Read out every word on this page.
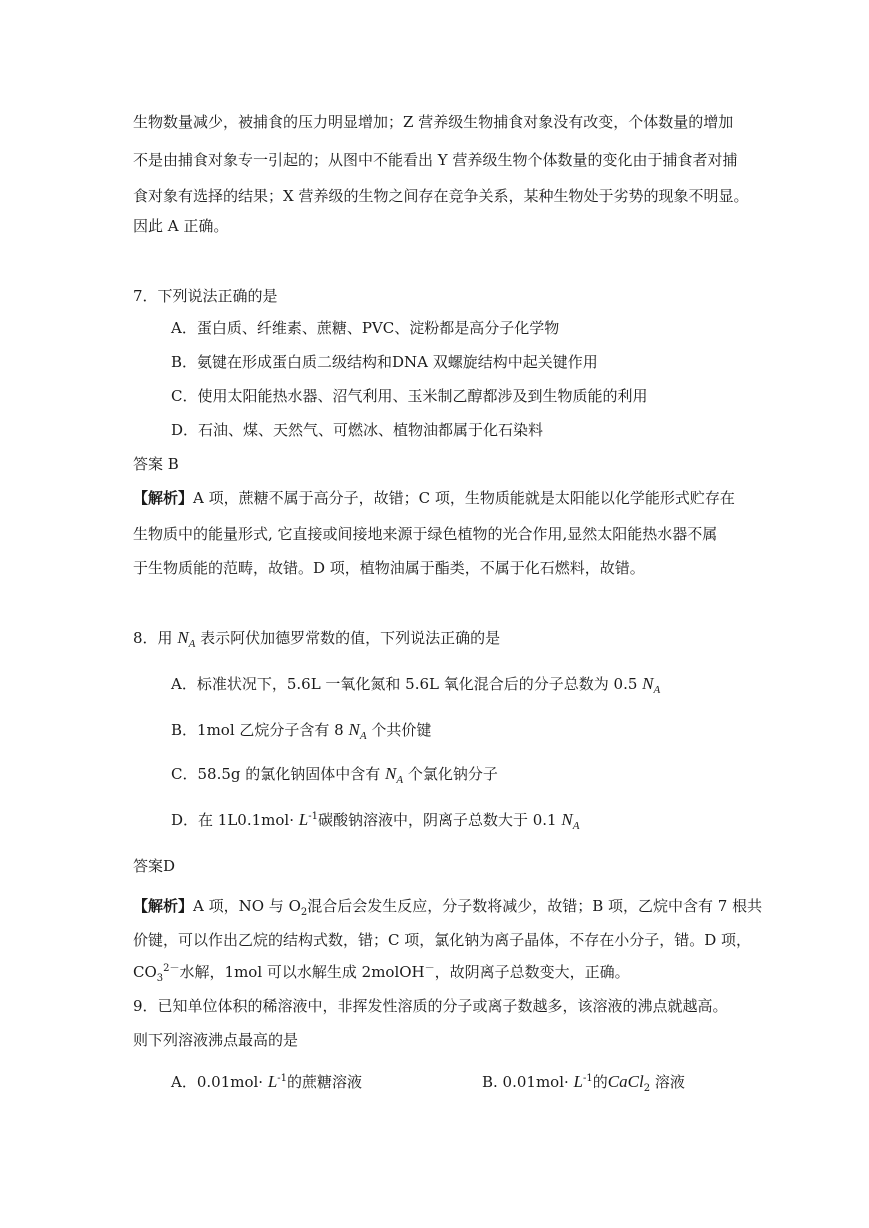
生物数量减少，被捕食的压力明显增加；Z 营养级生物捕食对象没有改变，个体数量的增加
不是由捕食对象专一引起的；从图中不能看出 Y 营养级生物个体数量的变化由于捕食者对捕
食对象有选择的结果；X 营养级的生物之间存在竞争关系，某种生物处于劣势的现象不明显。
因此 A 正确。
7．下列说法正确的是
A．蛋白质、纤维素、蔗糖、PVC、淀粉都是高分子化学物
B．氨键在形成蛋白质二级结构和DNA 双螺旋结构中起关键作用
C．使用太阳能热水器、沼气利用、玉米制乙醇都涉及到生物质能的利用
D．石油、煤、天然气、可燃冰、植物油都属于化石染料
答案 B
【解析】A 项，蔗糖不属于高分子，故错；C 项，生物质能就是太阳能以化学能形式贮存在
生物质中的能量形式, 它直接或间接地来源于绿色植物的光合作用,显然太阳能热水器不属
于生物质能的范畴，故错。D 项，植物油属于酯类，不属于化石燃料，故错。
8．用 $N_A$ 表示阿伏加德罗常数的值，下列说法正确的是
A．标准状况下，5.6L 一氧化氮和 5.6L 氧化混合后的分子总数为 0.5 $N_A$
B．1mol 乙烷分子含有 8 $N_A$ 个共价键
C．58.5g 的氯化钠固体中含有 $N_A$ 个氯化钠分子
D．在 $1L0.1mol\cdot L^{-1}$碳酸钠溶液中，阴离子总数大于 0.1 $N_A$
答案D
【解析】A 项，NO 与 $O_2$混合后会发生反应，分子数将减少，故错；B 项，乙烷中含有 7 根共
价键，可以作出乙烷的结构式数，错；C 项，氯化钠为离子晶体，不存在小分子，错。D 项，
$CO_3^{2-}$水解，1mol 可以水解生成 2molOH－，故阴离子总数变大，正确。
9．已知单位体积的稀溶液中，非挥发性溶质的分子或离子数越多，该溶液的沸点就越高。
则下列溶液沸点最高的是
A．$0.01mol\cdot L^{-1}$的蔗糖溶液	B. $0.01mol\cdot L^{-1}$的CaCl$_2$ 溶液
